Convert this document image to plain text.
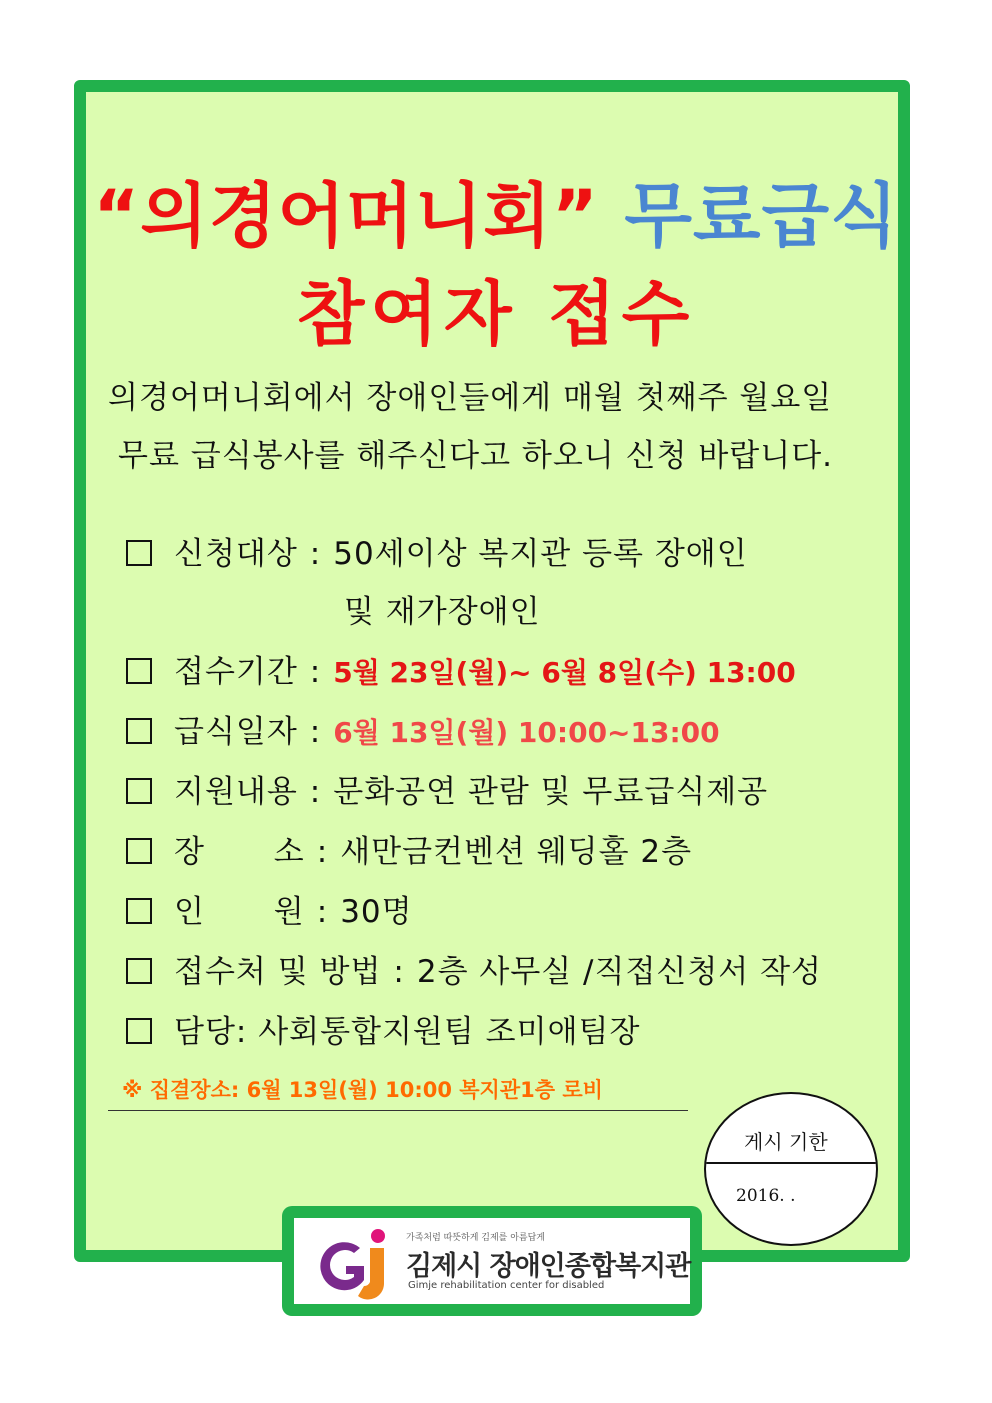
“의경어머니회” 무료급식
참여자 접수
의경어머니회에서 장애인들에게 매월 첫째주 월요일
무료 급식봉사를 해주신다고 하오니 신청 바랍니다.
신청대상 : 50세이상 복지관 등록 장애인
및 재가장애인
접수기간 : 5월 23일(월)~ 6월 8일(수) 13:00
급식일자 : 6월 13일(월) 10:00~13:00
지원내용 : 문화공연 관람 및 무료급식제공
장 소 : 새만금컨벤션 웨딩홀 2층
인 원 : 30명
접수처 및 방법 : 2층 사무실 /직접신청서 작성
담당: 사회통합지원팀 조미애팀장
※ 집결장소: 6월 13일(월) 10:00 복지관1층 로비
게시 기한
2016. .
가족처럼 따뜻하게 김제를 아름답게
김제시 장애인종합복지관
Gimje rehabilitation center for disabled
